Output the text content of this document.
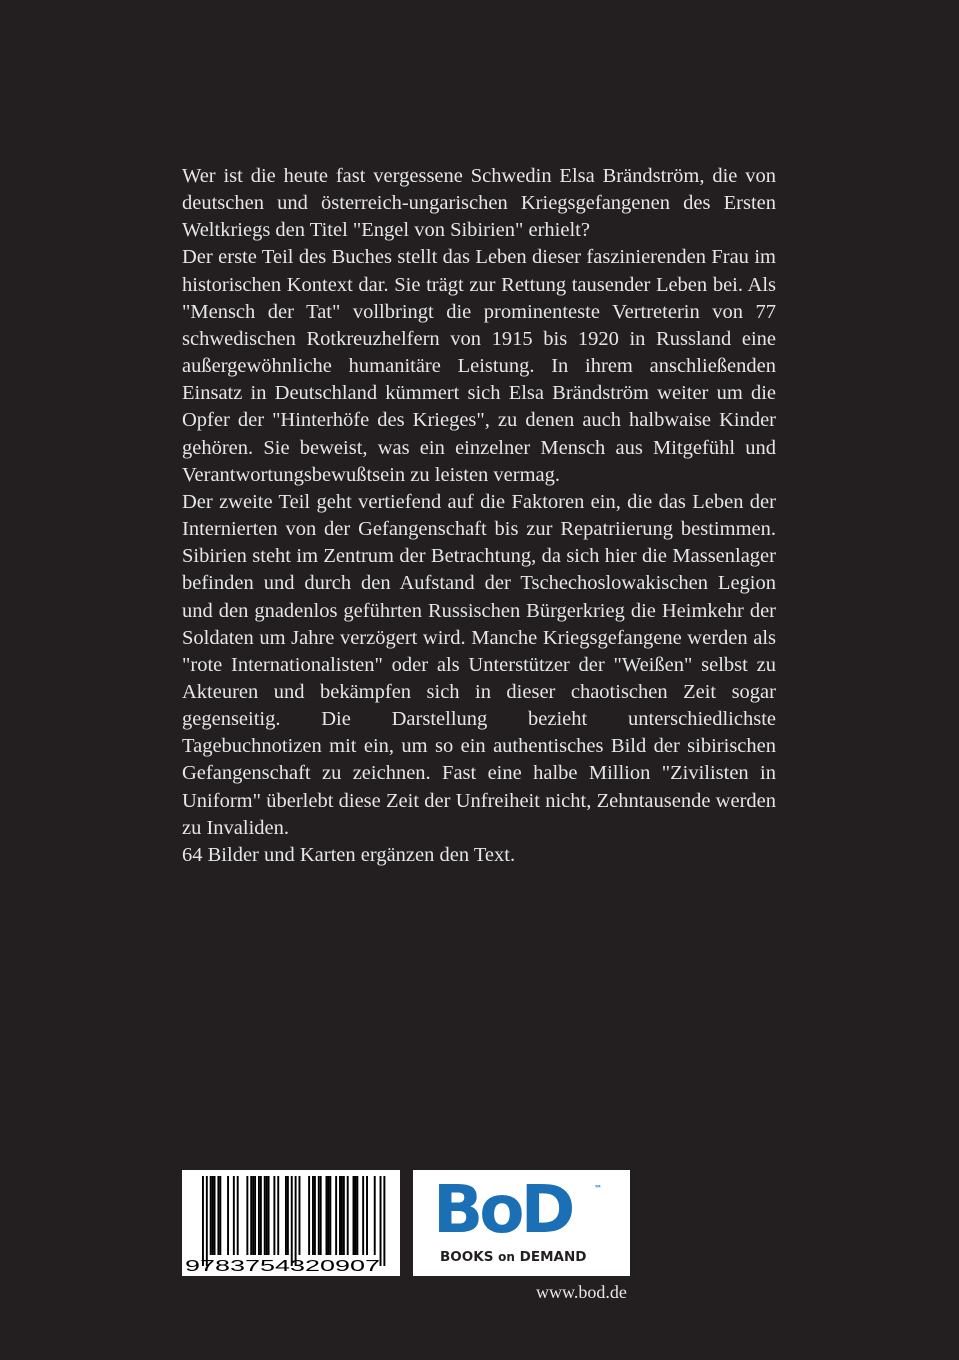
Wer ist die heute fast vergessene Schwedin Elsa Brändström, die von deutschen und österreich-ungarischen Kriegsgefangenen des Ersten Weltkriegs den Titel "Engel von Sibirien" erhielt?

Der erste Teil des Buches stellt das Leben dieser faszinierenden Frau im historischen Kontext dar. Sie trägt zur Rettung tausender Leben bei. Als "Mensch der Tat" vollbringt die prominenteste Vertreterin von 77 schwedischen Rotkreuzhelfern von 1915 bis 1920 in Russland eine außergewöhnliche humanitäre Leistung. In ihrem anschließenden Einsatz in Deutschland kümmert sich Elsa Brändström weiter um die Opfer der "Hinterhöfe des Krieges", zu denen auch halbwaise Kinder gehören. Sie beweist, was ein einzelner Mensch aus Mitgefühl und Verantwortungsbewußtsein zu leisten vermag.

Der zweite Teil geht vertiefend auf die Faktoren ein, die das Leben der Internierten von der Gefangenschaft bis zur Repatriierung bestimmen. Sibirien steht im Zentrum der Betrachtung, da sich hier die Massenlager befinden und durch den Aufstand der Tschechoslowakischen Legion und den gnadenlos geführten Russischen Bürgerkrieg die Heimkehr der Soldaten um Jahre verzögert wird. Manche Kriegsgefangene werden als "rote Internationalisten" oder als Unterstützer der "Weißen" selbst zu Akteuren und bekämpfen sich in dieser chaotischen Zeit sogar gegenseitig. Die Darstellung bezieht unterschiedlichste Tagebuchnotizen mit ein, um so ein authentisches Bild der sibirischen Gefangenschaft zu zeichnen. Fast eine halbe Million "Zivilisten in Uniform" überlebt diese Zeit der Unfreiheit nicht, Zehntausende werden zu Invaliden.

64 Bilder und Karten ergänzen den Text.

9783754320907
BoD	™
BOOKS on DEMAND
www.bod.de
